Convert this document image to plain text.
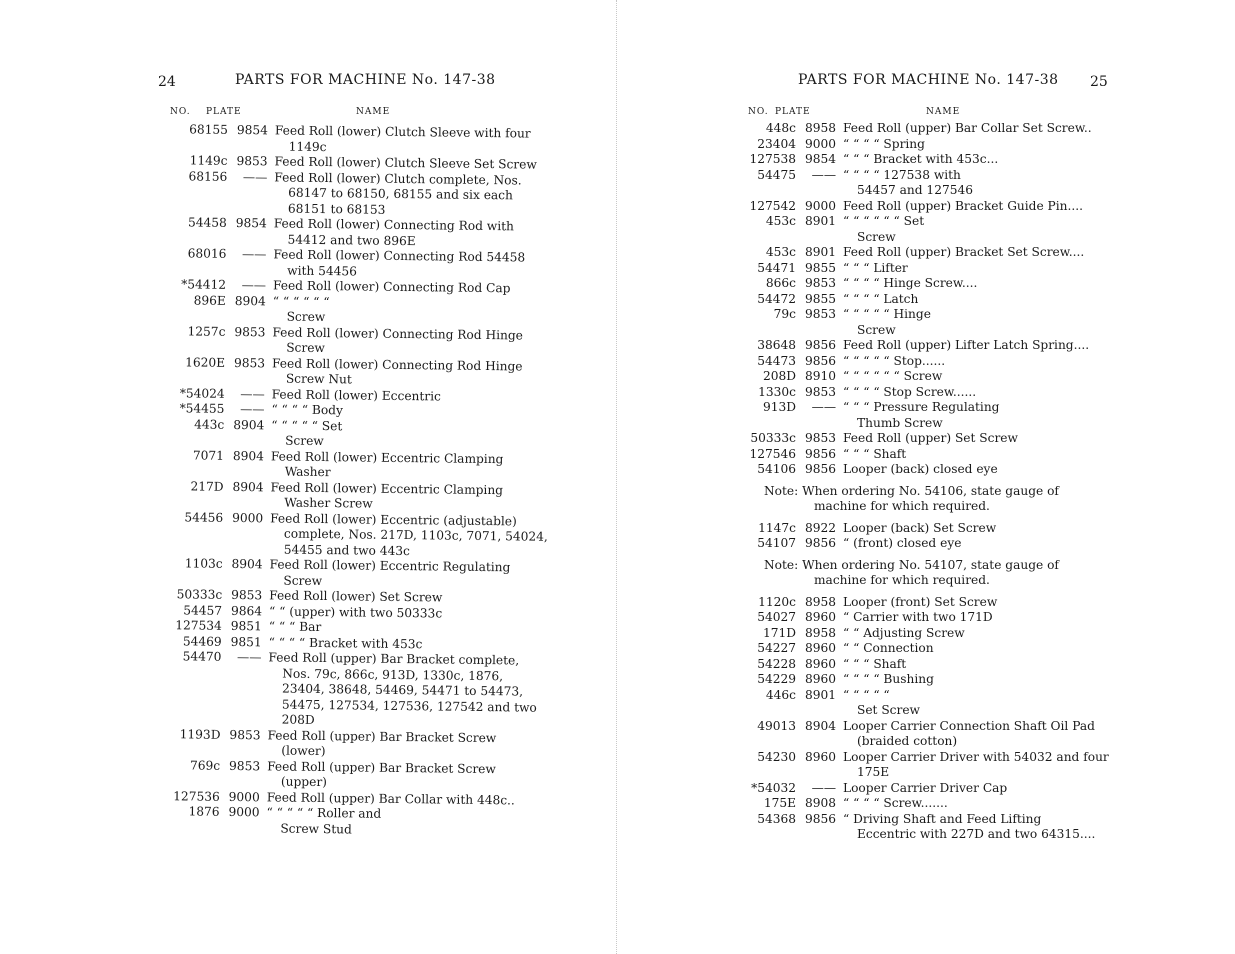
24	PARTS FOR MACHINE No. 147-38
NO. PLATE	NAME
68155 9854 Feed Roll (lower) Clutch Sleeve with four
1149c
1149c 9853 Feed Roll (lower) Clutch Sleeve Set Screw
68156	—— Feed Roll (lower) Clutch complete, Nos.
68147 to 68150, 68155 and six each
68151 to 68153
54458 9854 Feed Roll (lower) Connecting Rod with
54412 and two 896E
68016	—— Feed Roll (lower) Connecting Rod 54458
with 54456
*54412	—— Feed Roll (lower) Connecting Rod Cap
896E 8904 “ “ “ “ “ “
Screw
1257c 9853 Feed Roll (lower) Connecting Rod Hinge
Screw
1620E 9853 Feed Roll (lower) Connecting Rod Hinge
Screw Nut
*54024	—— Feed Roll (lower) Eccentric
*54455	—— “ “ “ “ Body
443c 8904 “ “ “ “ “ Set
Screw
7071 8904 Feed Roll (lower) Eccentric Clamping
Washer
217D 8904 Feed Roll (lower) Eccentric Clamping
Washer Screw
54456 9000 Feed Roll (lower) Eccentric (adjustable)
complete, Nos. 217D, 1103c, 7071, 54024,
54455 and two 443c
1103c 8904 Feed Roll (lower) Eccentric Regulating
Screw
50333c 9853 Feed Roll (lower) Set Screw
54457 9864 “ “ (upper) with two 50333c
127534 9851 “ “ “ Bar
54469 9851 “ “ “ “ Bracket with 453c
54470	—— Feed Roll (upper) Bar Bracket complete,
Nos. 79c, 866c, 913D, 1330c, 1876,
23404, 38648, 54469, 54471 to 54473,
54475, 127534, 127536, 127542 and two
208D
1193D 9853 Feed Roll (upper) Bar Bracket Screw
(lower)
769c 9853 Feed Roll (upper) Bar Bracket Screw
(upper)
127536 9000 Feed Roll (upper) Bar Collar with 448c..
1876 9000 “ “ “ “ “ Roller and
Screw Stud
PARTS FOR MACHINE No. 147-38 25
NO. PLATE	NAME
448c 8958 Feed Roll (upper) Bar Collar Set Screw..
23404 9000 “ “ “ “ Spring
127538 9854 “ “ “ Bracket with 453c...
54475	—— “ “ “ “ 127538 with
54457 and 127546
127542 9000 Feed Roll (upper) Bracket Guide Pin....
453c 8901 “ “ “ “ “ “ Set
Screw
453c 8901 Feed Roll (upper) Bracket Set Screw....
54471 9855 “ “ “ Lifter
866c 9853 “ “ “ “ Hinge Screw....
54472 9855 “ “ “ “ Latch
79c 9853 “ “ “ “ “ Hinge
Screw
38648 9856 Feed Roll (upper) Lifter Latch Spring....
54473 9856 “ “ “ “ “ Stop......
208D 8910 “ “ “ “ “ “ Screw
1330c 9853 “ “ “ “ Stop Screw......
913D	—— “ “ “ Pressure Regulating
Thumb Screw
50333c 9853 Feed Roll (upper) Set Screw
127546 9856 “ “ “ Shaft
54106 9856 Looper (back) closed eye
Note: When ordering No. 54106, state gauge of
machine for which required.
1147c 8922 Looper (back) Set Screw
54107 9856 “ (front) closed eye
Note: When ordering No. 54107, state gauge of
machine for which required.
1120c 8958 Looper (front) Set Screw
54027 8960 “ Carrier with two 171D
171D 8958 “ “ Adjusting Screw
54227 8960 “ “ Connection
54228 8960 “ “ “ Shaft
54229 8960 “ “ “ “ Bushing
446c 8901 “ “ “ “ “
Set Screw
49013 8904 Looper Carrier Connection Shaft Oil Pad
(braided cotton)
54230 8960 Looper Carrier Driver with 54032 and four
175E
*54032	—— Looper Carrier Driver Cap
175E 8908 “ “ “ “ Screw.......
54368 9856 “ Driving Shaft and Feed Lifting
Eccentric with 227D and two 64315....
